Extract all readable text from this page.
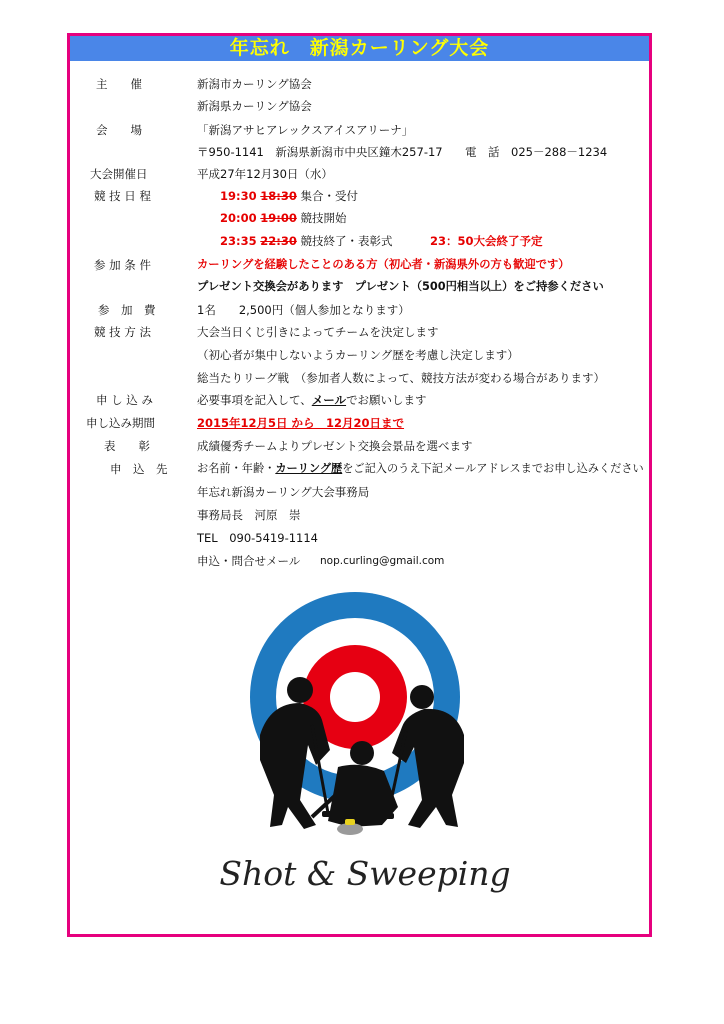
年忘れ　新潟カーリング大会
主　　催
会　　場
大会開催日
競 技 日 程
参 加 条 件
参　加　費
競 技 方 法
申 し 込 み
申し込み期間
表　　彰
申　込　先
新潟市カーリング協会
新潟県カーリング協会
「新潟アサヒアレックスアイスアリーナ」
〒950-1141　新潟県新潟市中央区鐘木257-17 電　話　025－288－1234
平成27年12月30日（水）
19:30 18:30 集合・受付
20:00 19:00 競技開始
23:35 22:30 競技終了・表彰式	23：50大会終了予定
カーリングを経験したことのある方（初心者・新潟県外の方も歓迎です）
プレゼント交換会があります　プレゼント（500円相当以上）をご持参ください
1名　　2,500円（個人参加となります）
大会当日くじ引きによってチームを決定します
（初心者が集中しないようカーリング歴を考慮し決定します）
総当たりリーグ戦　（参加者人数によって、競技方法が変わる場合があります）
必要事項を記入して、メールでお願いします
2015年12月5日 から　12月20日まで
成績優秀チームよりプレゼント交換会景品を選べます
お名前・年齢・カーリング歴をご記入のうえ下記メールアドレスまでお申し込みください
年忘れ新潟カーリング大会事務局
事務局長　河原　崇
TEL　090-5419-1114
申込・問合せメール nop.curling@gmail.com
Shot & Sweeping
